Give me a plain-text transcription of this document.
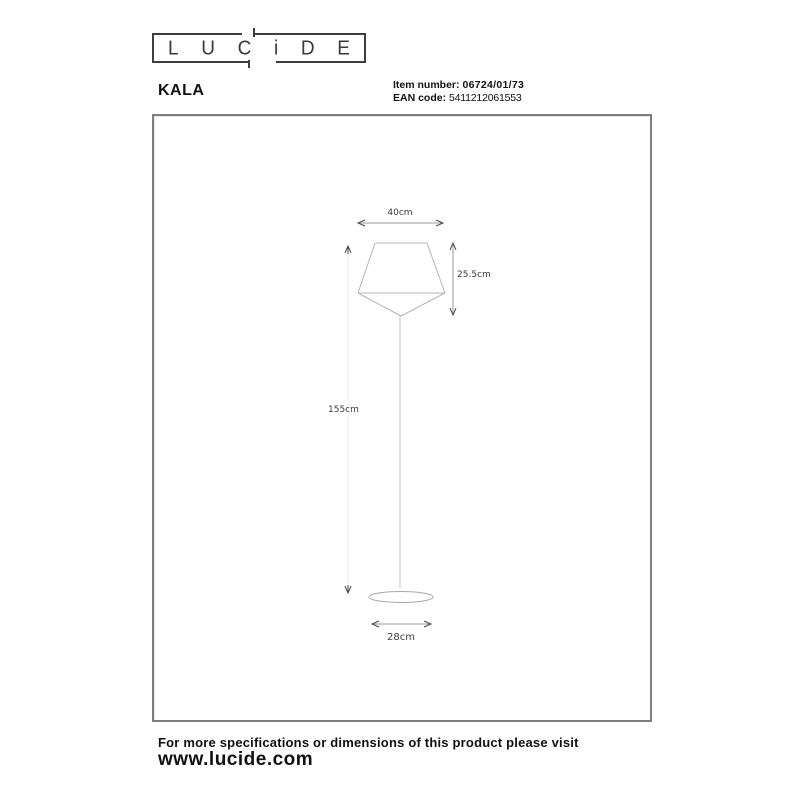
L U C i D E
KALA	Item number: 06724/01/73
EAN code: 5411212061553
40cm
25.5cm
155cm
28cm
For more specifications or dimensions of this product please visit
www.lucide.com
